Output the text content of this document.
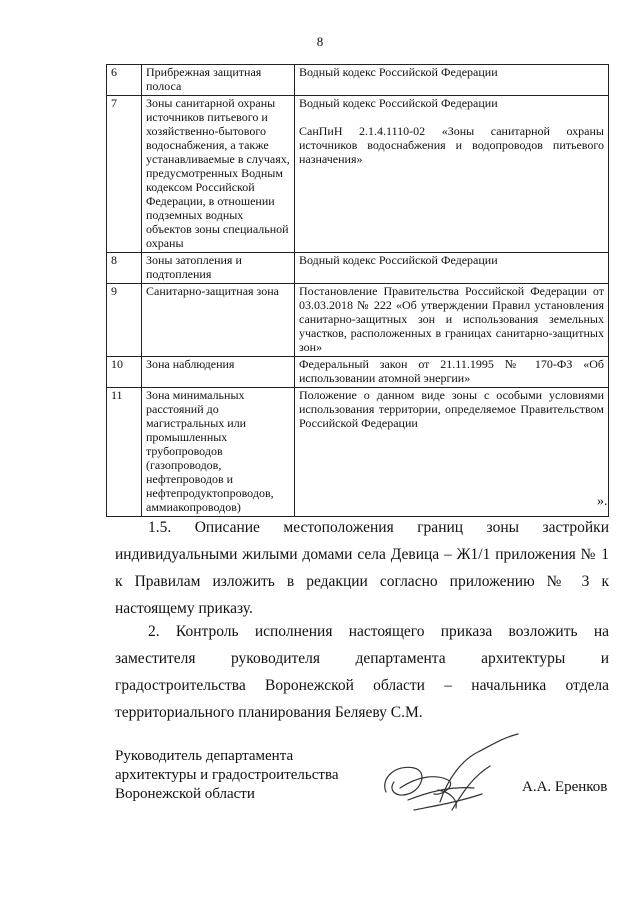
8
6	Прибрежная защитная полоса	Водный кодекс Российской Федерации

7	Зоны санитарной охраны источников питьевого и хозяйственно-бытового водоснабжения, а также устанавливаемые в случаях, предусмотренных Водным кодексом Российской Федерации, в отношении подземных водных объектов зоны специальной охраны	Водный кодекс Российской Федерации
СанПиН 2.1.4.1110-02 «Зоны санитарной охраны источников водоснабжения и водопроводов питьевого назначения»

8	Зоны затопления и подтопления	Водный кодекс Российской Федерации

9	Санитарно-защитная зона	Постановление Правительства Российской Федерации от 03.03.2018 № 222 «Об утверждении Правил установления санитарно-защитных зон и использования земельных участков, расположенных в границах санитарно-защитных зон»

10	Зона наблюдения	Федеральный закон от 21.11.1995 № 170-ФЗ «Об использовании атомной энергии»

11	Зона минимальных расстояний до магистральных или промышленных трубопроводов (газопроводов, нефтепроводов и нефтепродуктопроводов, аммиакопроводов)	Положение о данном виде зоны с особыми условиями использования территории, определяемое Правительством Российской Федерации
».
1.5. Описание местоположения границ зоны застройки индивидуальными жилыми домами села Девица – Ж1/1 приложения № 1 к Правилам изложить в редакции согласно приложению № 3 к настоящему приказу.
2. Контроль исполнения настоящего приказа возложить на заместителя руководителя департамента архитектуры и градостроительства Воронежской области – начальника отдела территориального планирования Беляеву С.М.
Руководитель департамента
архитектуры и градостроительства
Воронежской области	А.А. Еренков
